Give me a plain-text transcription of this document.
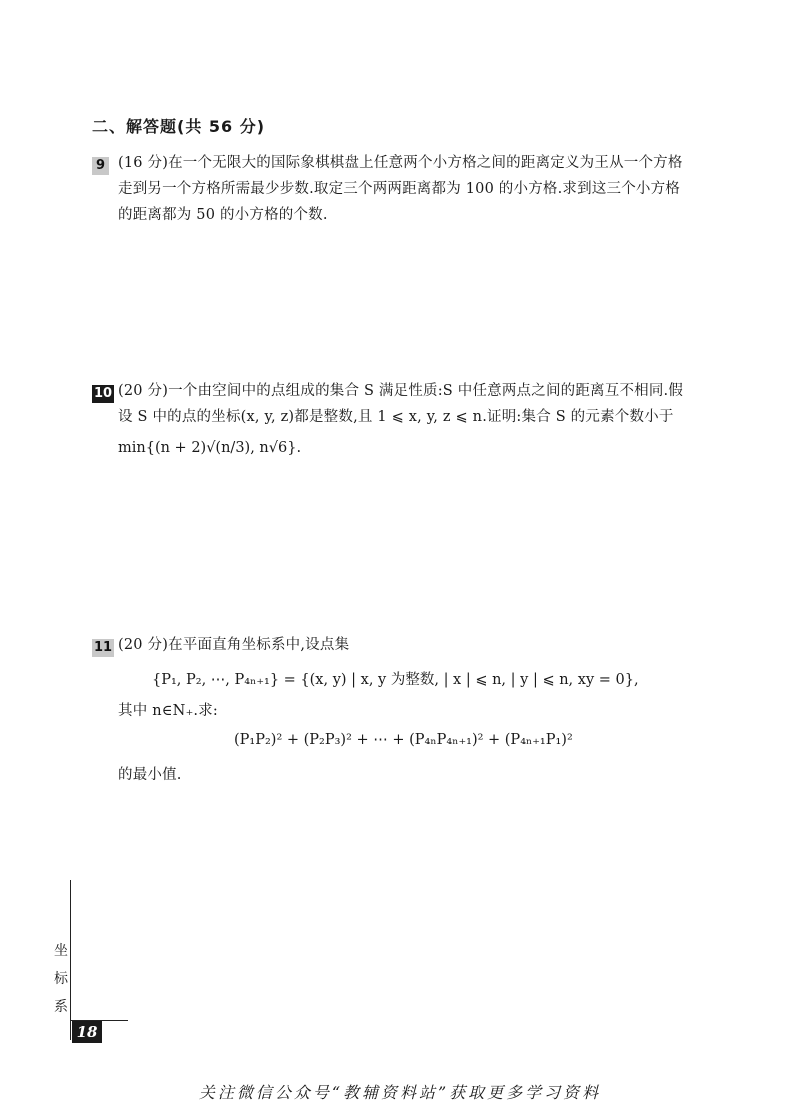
二、解答题(共 56 分)
9 (16 分)在一个无限大的国际象棋棋盘上任意两个小方格之间的距离定义为王从一个方格
走到另一个方格所需最少步数.取定三个两两距离都为 100 的小方格.求到这三个小方格
的距离都为 50 的小方格的个数.
10 (20 分)一个由空间中的点组成的集合 S 满足性质:S 中任意两点之间的距离互不相同.假
设 S 中的点的坐标(x, y, z)都是整数,且 1 ⩽ x, y, z ⩽ n.证明:集合 S 的元素个数小于
min{(n + 2)√(n/3), n√6}.
11 (20 分)在平面直角坐标系中,设点集
{P₁, P₂, ⋯, P₄ₙ₊₁} = {(x, y) | x, y 为整数, | x | ⩽ n, | y | ⩽ n, xy = 0},
其中 n∈N₊.求:
(P₁P₂)² + (P₂P₃)² + ⋯ + (P₄ₙP₄ₙ₊₁)² + (P₄ₙ₊₁P₁)²
的最小值.
坐
标
系
18
关注微信公众号“教辅资料站”获取更多学习资料
